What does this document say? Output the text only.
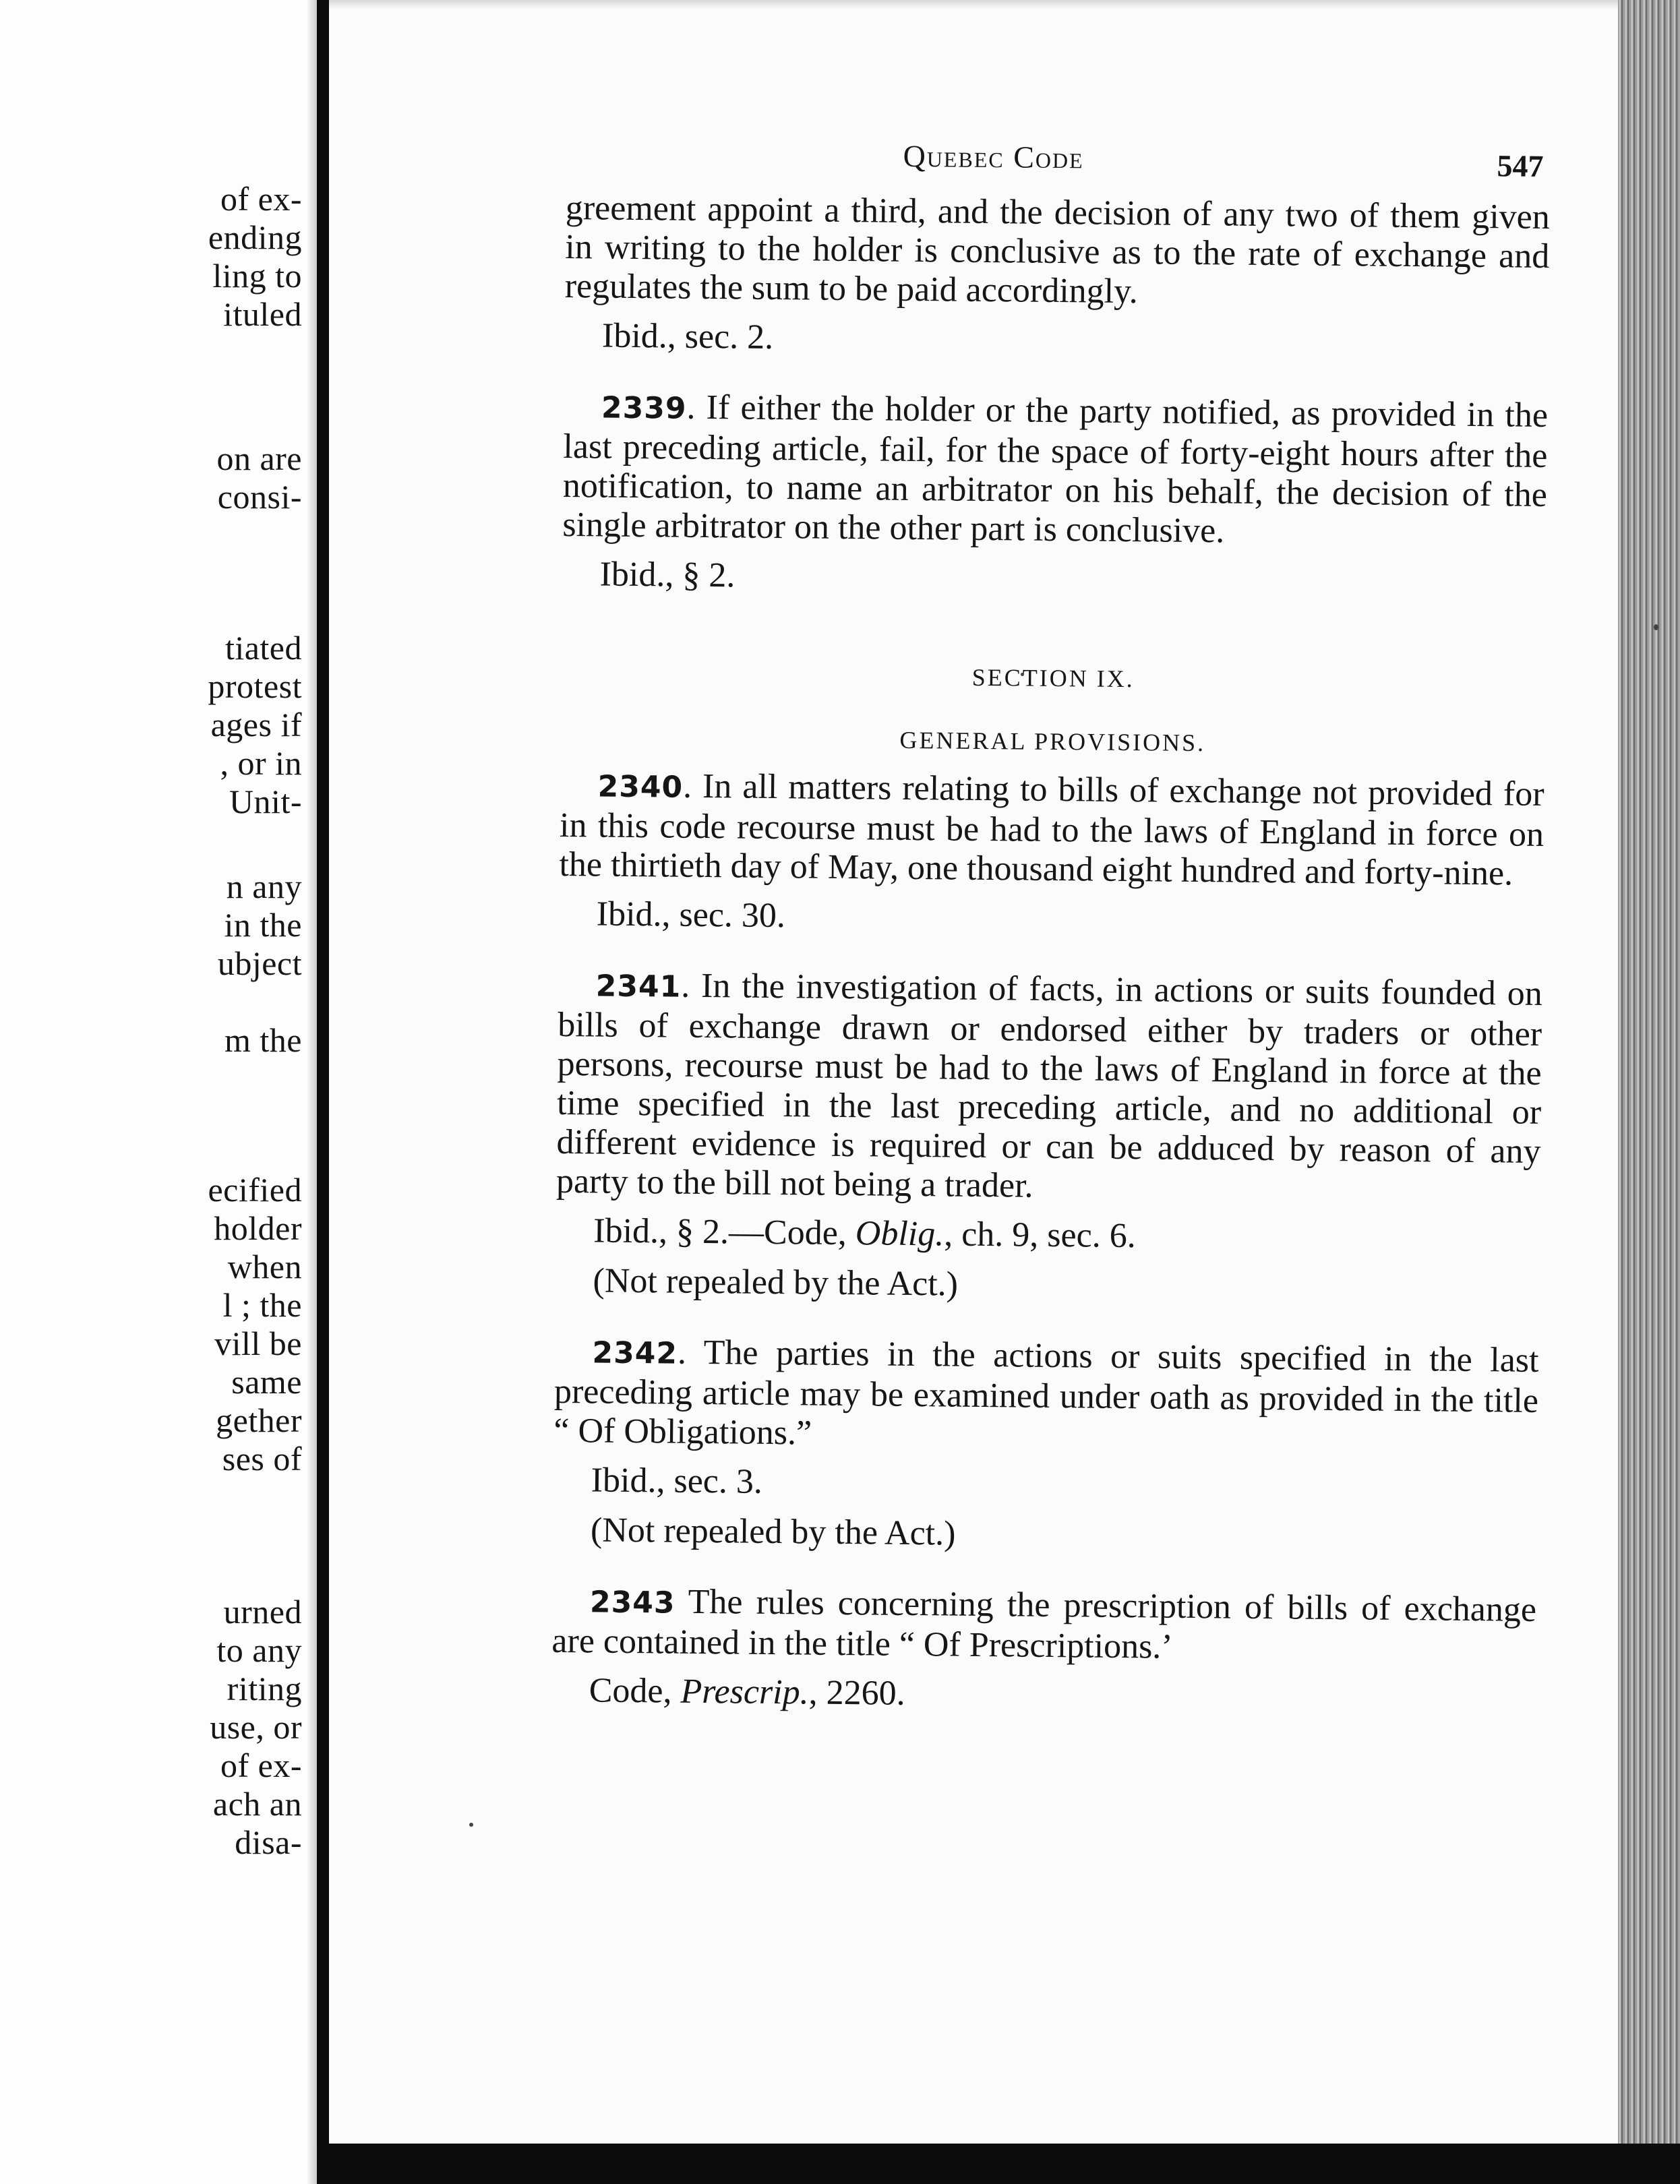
of ex-
ending
ling to
ituled
on are
consi-
tiated
protest
ages if
, or in
Unit-
n any
in the
ubject
m the
ecified
holder
when
l ; the
vill be
same
gether
ses of
urned
to any
riting
use, or
of ex-
ach an
disa-
Quebec Code	547

greement appoint a third, and the decision of any two of them given in writing to the holder is conclusive as to the rate of exchange and regulates the sum to be paid accordingly.

Ibid., sec. 2.

2339. If either the holder or the party notified, as provided in the last preceding article, fail, for the space of forty-eight hours after the notification, to name an arbitrator on his behalf, the decision of the single arbitrator on the other part is conclusive.

Ibid., § 2.

SECTION IX.

GENERAL PROVISIONS.

2340. In all matters relating to bills of exchange not provided for in this code recourse must be had to the laws of England in force on the thirtieth day of May, one thousand eight hundred and forty-nine.

Ibid., sec. 30.

2341. In the investigation of facts, in actions or suits founded on bills of exchange drawn or endorsed either by traders or other persons, recourse must be had to the laws of England in force at the time specified in the last preceding article, and no additional or different evidence is required or can be adduced by reason of any party to the bill not being a trader.

Ibid., § 2.—Code, Oblig., ch. 9, sec. 6.

(Not repealed by the Act.)

2342. The parties in the actions or suits specified in the last preceding article may be examined under oath as provided in the title “ Of Obligations.”

Ibid., sec. 3.

(Not repealed by the Act.)

2343 The rules concerning the prescription of bills of exchange are contained in the title “ Of Prescriptions.’

Code, Prescrip., 2260.
